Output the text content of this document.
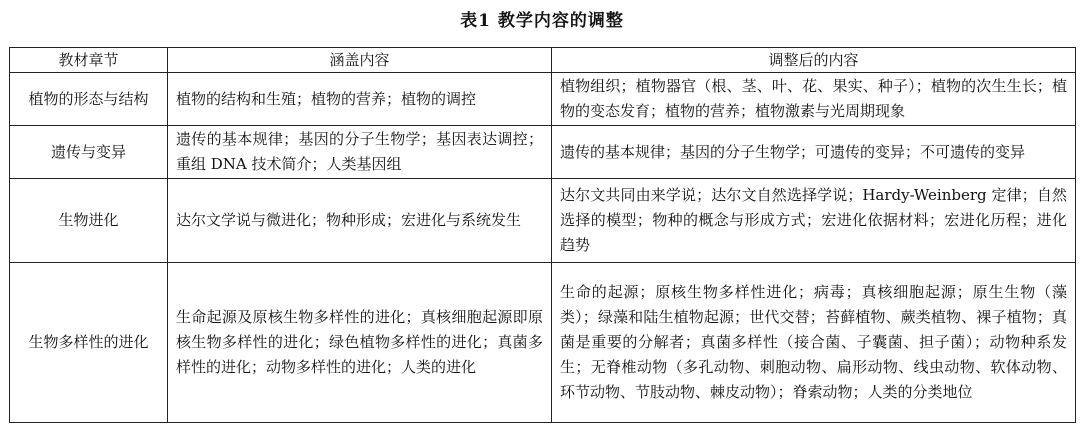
表1 教学内容的调整
教材章节	涵盖内容	调整后的内容
植物的形态与结构	植物的结构和生殖；植物的营养；植物的调控	植物组织；植物器官（根、茎、叶、花、果实、种子）；植物的次生生长；植物的变态发育；植物的营养；植物激素与光周期现象
遗传与变异	遗传的基本规律；基因的分子生物学；基因表达调控；重组 DNA 技术简介；人类基因组	遗传的基本规律；基因的分子生物学；可遗传的变异；不可遗传的变异
生物进化	达尔文学说与微进化；物种形成；宏进化与系统发生	达尔文共同由来学说；达尔文自然选择学说；Hardy-Weinberg 定律；自然选择的模型；物种的概念与形成方式；宏进化依据材料；宏进化历程；进化趋势
生物多样性的进化	生命起源及原核生物多样性的进化；真核细胞起源即原核生物多样性的进化；绿色植物多样性的进化；真菌多样性的进化；动物多样性的进化；人类的进化	生命的起源；原核生物多样性进化；病毒；真核细胞起源；原生生物（藻类）；绿藻和陆生植物起源；世代交替；苔藓植物、蕨类植物、裸子植物；真菌是重要的分解者；真菌多样性（接合菌、子囊菌、担子菌）；动物种系发生；无脊椎动物（多孔动物、刺胞动物、扁形动物、线虫动物、软体动物、环节动物、节肢动物、棘皮动物）；脊索动物；人类的分类地位
